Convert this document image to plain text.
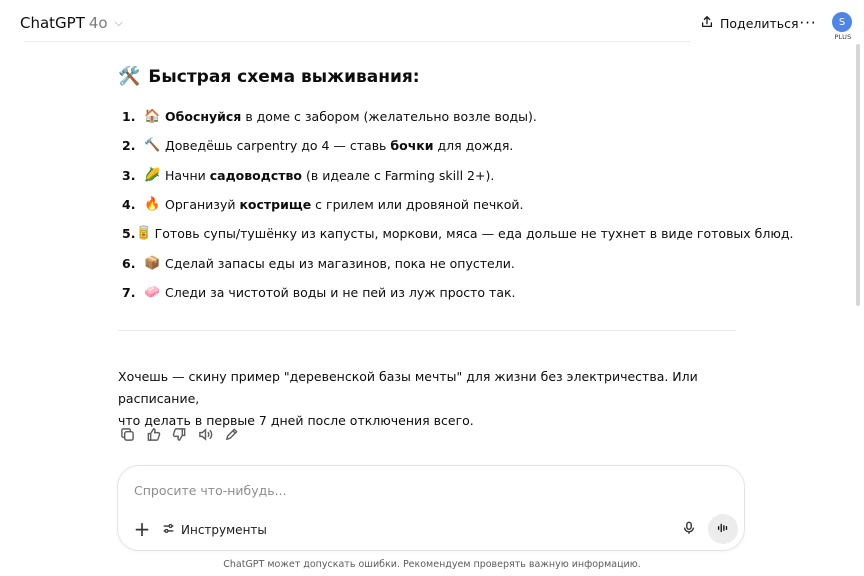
ChatGPT 4o ⌵	Поделиться ···	S
PLUS
🛠️ Быстрая схема выживания:
1. 🏠 Обоснуйся в доме с забором (желательно возле воды).
2. 🔨 Доведёшь carpentry до 4 — ставь бочки для дождя.
3. 🌽 Начни садоводство (в идеале с Farming skill 2+).
4. 🔥 Организуй кострище с грилем или дровяной печкой.
5. 🥫 Готовь супы/тушёнку из капусты, моркови, мяса — еда дольше не тухнет в виде готовых блюд.
6. 📦 Сделай запасы еды из магазинов, пока не опустели.
7. 🧼 Следи за чистотой воды и не пей из луж просто так.
Хочешь — скину пример "деревенской базы мечты" для жизни без электричества. Или расписание,
что делать в первые 7 дней после отключения всего.
Спросите что-нибудь...
+	Инструменты
ChatGPT может допускать ошибки. Рекомендуем проверять важную информацию.
